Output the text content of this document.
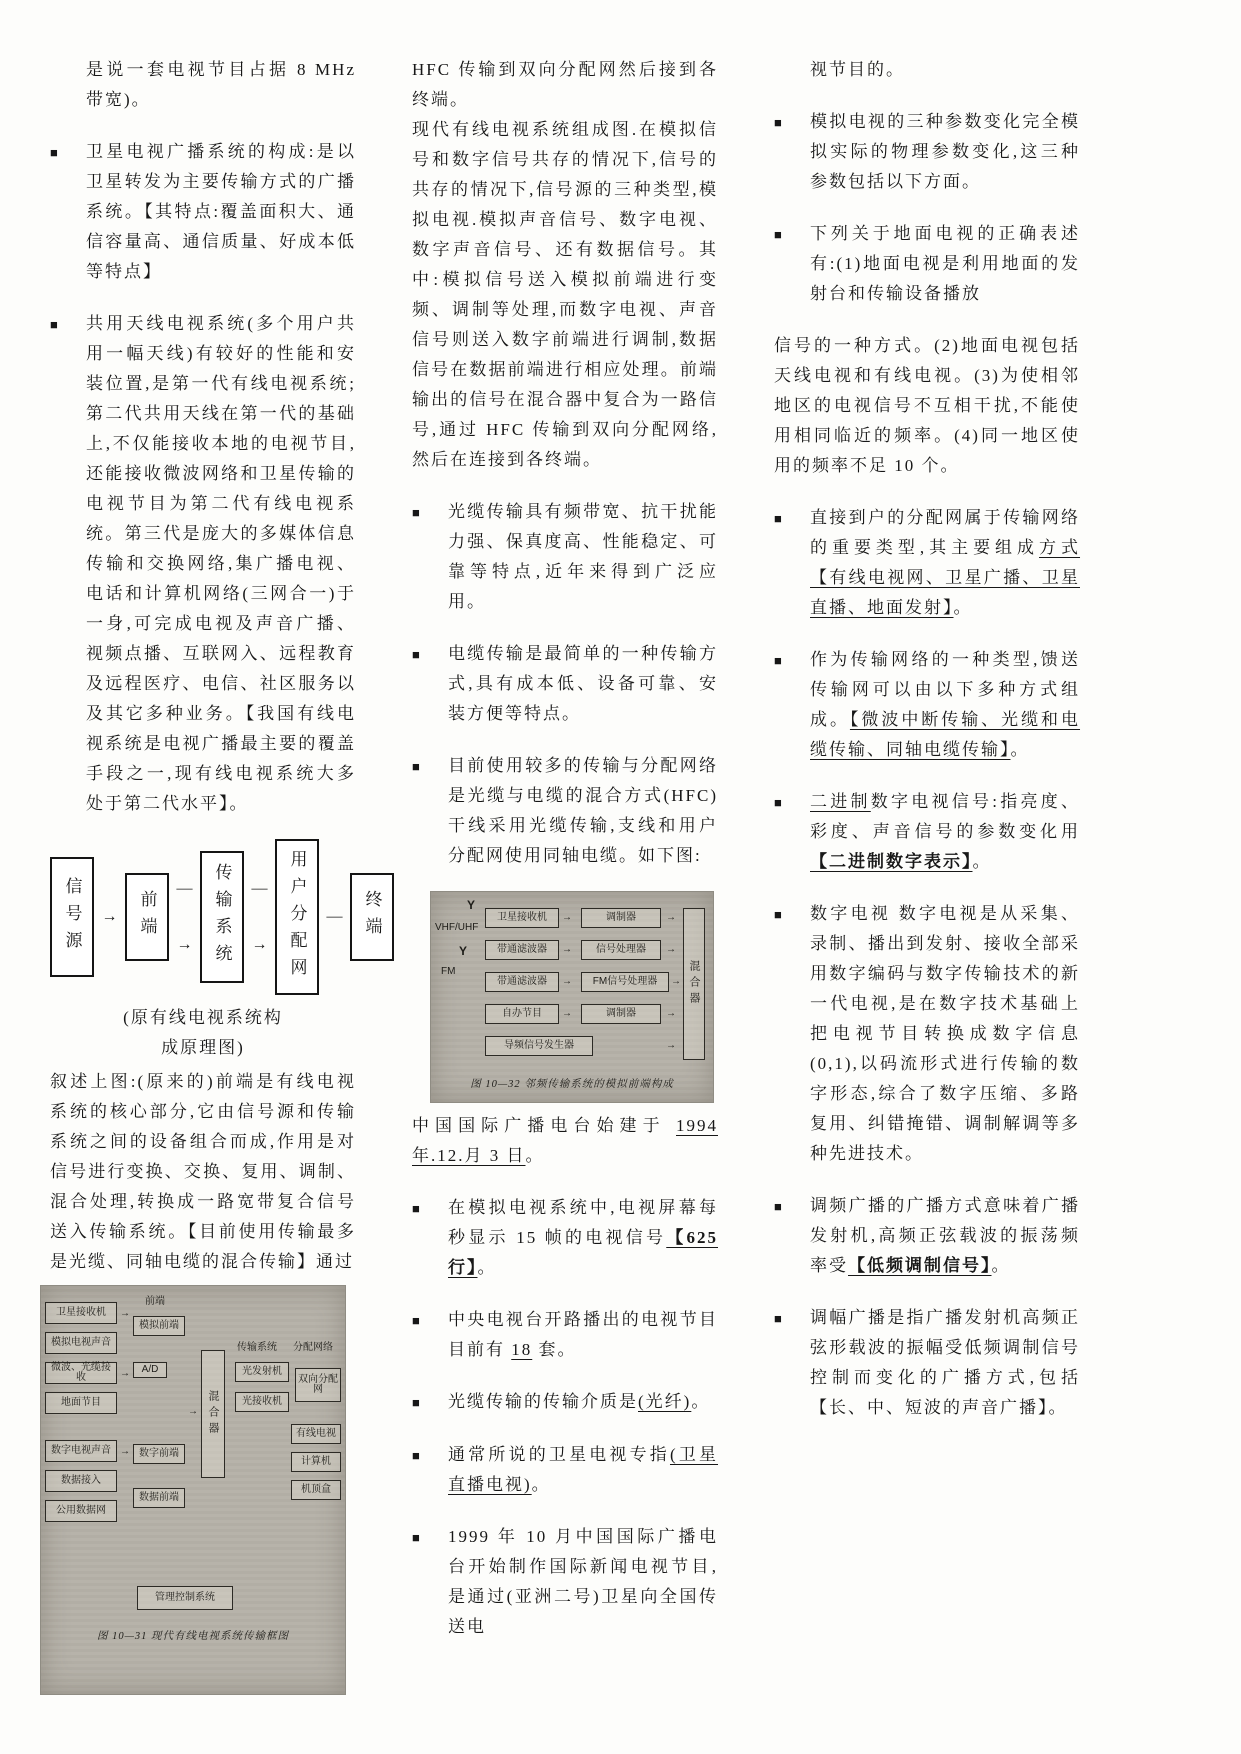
是说一套电视节目占据 8 MHz 带宽)。

■	卫星电视广播系统的构成:是以卫星转发为主要传输方式的广播系统。【其特点:覆盖面积大、通信容量高、通信质量、好成本低等特点】

■	共用天线电视系统(多个用户共用一幅天线)有较好的性能和安装位置,是第一代有线电视系统;第二代共用天线在第一代的基础上,不仅能接收本地的电视节目,还能接收微波网络和卫星传输的电视节目为第二代有线电视系统。第三代是庞大的多媒体信息传输和交换网络,集广播电视、电话和计算机网络(三网合一)于一身,可完成电视及声音广播、视频点播、互联网入、远程教育及远程医疗、电信、社区服务以及其它多种业务。【我国有线电视系统是电视广播最主要的覆盖手段之一,现有线电视系统大多处于第二代水平】。

信号源 → 前端
—
→ 传输系统 —
→ 用户分配网 — 终端
(原有线电视系统构
成原理图)

叙述上图:(原来的)前端是有线电视系统的核心部分,它由信号源和传输系统之间的设备组合而成,作用是对信号进行变换、交换、复用、调制、混合处理,转换成一路宽带复合信号送入传输系统。【目前使用传输最多是光缆、同轴电缆的混合传输】通过

前端
卫星接收机
模拟电视声音
微波、光缆接收
地面节目
数字电视声音
数据接入
公用数据网
→
→
→
模拟前端
A/D
数字前端
数据前端
→ 混合器
传输系统 分配网络
光发射机
光接收机
双向分配网
有线电视
计算机
机顶盒
管理控制系统
图 10—31 现代有线电视系统传输框图

HFC 传输到双向分配网然后接到各终端。

现代有线电视系统组成图.在模拟信号和数字信号共存的情况下,信号的共存的情况下,信号源的三种类型,模拟电视.模拟声音信号、数字电视、数字声音信号、还有数据信号。其中:模拟信号送入模拟前端进行变频、调制等处理,而数字电视、声音信号则送入数字前端进行调制,数据信号在数据前端进行相应处理。前端输出的信号在混合器中复合为一路信号,通过 HFC 传输到双向分配网络,然后在连接到各终端。

■	光缆传输具有频带宽、抗干扰能力强、保真度高、性能稳定、可靠等特点,近年来得到广泛应用。

■	电缆传输是最简单的一种传输方式,具有成本低、设备可靠、安装方便等特点。

■	目前使用较多的传输与分配网络是光缆与电缆的混合方式(HFC)干线采用光缆传输,支线和用户分配网使用同轴电缆。如下图:

Y
Y
VHF/UHF
FM
卫星接收机	→	调制器	→
带通滤波器	→	信号处理器	→
带通滤波器	→	FM信号处理器	→
自办节目	→	调制器	→
导频信号发生器	→
混合器
图 10—32 邻频传输系统的模拟前端构成

中国国际广播电台始建于 1994 年.12.月 3 日。

■	在模拟电视系统中,电视屏幕每秒显示 15 帧的电视信号【625 行】。

■	中央电视台开路播出的电视节目目前有 18 套。

■	光缆传输的传输介质是(光纤)。

■	通常所说的卫星电视专指(卫星直播电视)。

■	1999 年 10 月中国国际广播电台开始制作国际新闻电视节目,是通过(亚洲二号)卫星向全国传送电

视节目的。

■	模拟电视的三种参数变化完全模拟实际的物理参数变化,这三种参数包括以下方面。

■	下列关于地面电视的正确表述有:(1)地面电视是利用地面的发射台和传输设备播放

信号的一种方式。(2)地面电视包括天线电视和有线电视。(3)为使相邻地区的电视信号不互相干扰,不能使用相同临近的频率。(4)同一地区使用的频率不足 10 个。

■	直接到户的分配网属于传输网络的重要类型,其主要组成方式【有线电视网、卫星广播、卫星直播、地面发射】。

■	作为传输网络的一种类型,馈送传输网可以由以下多种方式组成。【微波中断传输、光缆和电缆传输、同轴电缆传输】。

■	二进制数字电视信号:指亮度、彩度、声音信号的参数变化用【二进制数字表示】。

■	数字电视 数字电视是从采集、录制、播出到发射、接收全部采用数字编码与数字传输技术的新一代电视,是在数字技术基础上把电视节目转换成数字信息(0,1),以码流形式进行传输的数字形态,综合了数字压缩、多路复用、纠错掩错、调制解调等多种先进技术。

■	调频广播的广播方式意味着广播发射机,高频正弦载波的振荡频率受【低频调制信号】。

■	调幅广播是指广播发射机高频正弦形载波的振幅受低频调制信号控制而变化的广播方式,包括【长、中、短波的声音广播】。
